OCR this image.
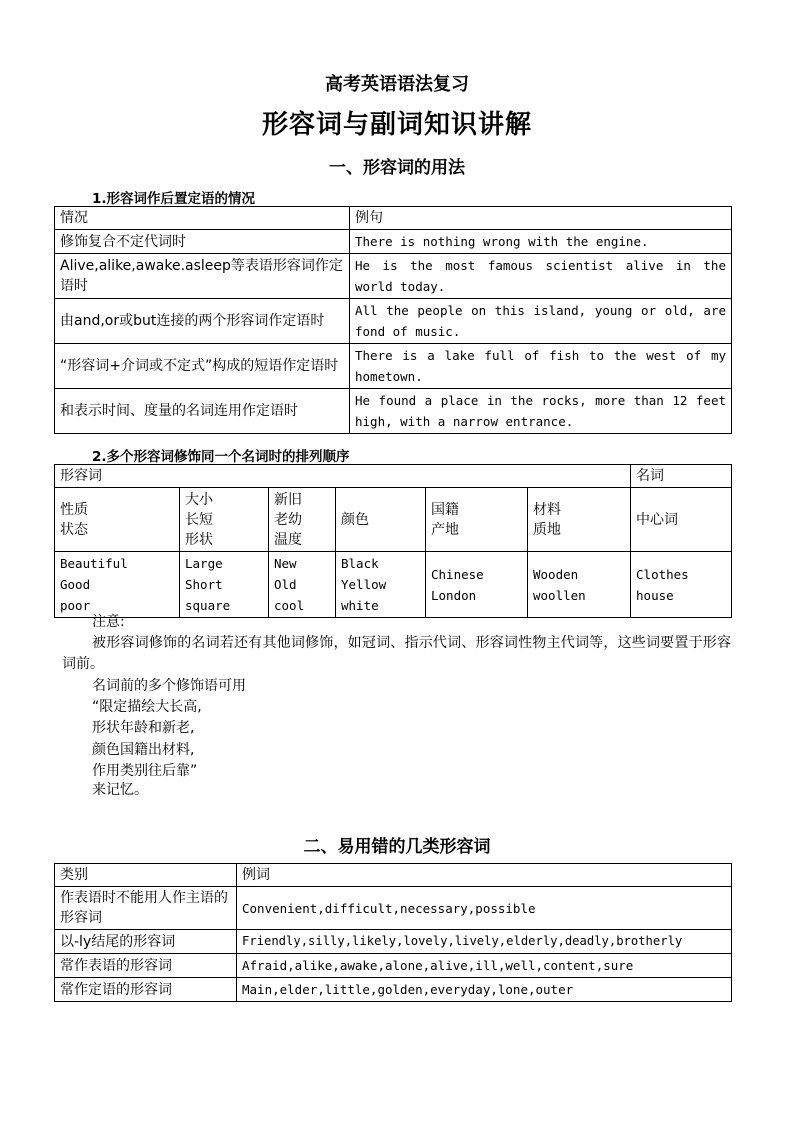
高考英语语法复习
形容词与副词知识讲解
一、形容词的用法
1.形容词作后置定语的情况
情况	例句
修饰复合不定代词时	There is nothing wrong with the engine.
Alive,alike,awake.asleep等表语形容词作定语时	He is the most famous scientist alive in the world today.
由and,or或but连接的两个形容词作定语时	All the people on this island, young or old, are fond of music.
“形容词+介词或不定式”构成的短语作定语时	There is a lake full of fish to the west of my hometown.
和表示时间、度量的名词连用作定语时	He found a place in the rocks, more than 12 feet high, with a narrow entrance.
2.多个形容词修饰同一个名词时的排列顺序
形容词						名词
性质
状态	大小
长短
形状	新旧
老幼
温度	颜色	国籍
产地	材料
质地	中心词
Beautiful
Good
poor	Large
Short
square	New
Old
cool	Black
Yellow
white	Chinese
London	Wooden
woollen	Clothes
house
注意:
被形容词修饰的名词若还有其他词修饰，如冠词、指示代词、形容词性物主代词等，这些词要置于形容词前。
名词前的多个修饰语可用

“限定描绘大长高,

形状年龄和新老,

颜色国籍出材料,

作用类别往后靠”

来记忆。
二、易用错的几类形容词
类别	例词
作表语时不能用人作主语的形容词	Convenient,difficult,necessary,possible
以-ly结尾的形容词	Friendly,silly,likely,lovely,lively,elderly,deadly,brotherly
常作表语的形容词	Afraid,alike,awake,alone,alive,ill,well,content,sure
常作定语的形容词	Main,elder,little,golden,everyday,lone,outer
